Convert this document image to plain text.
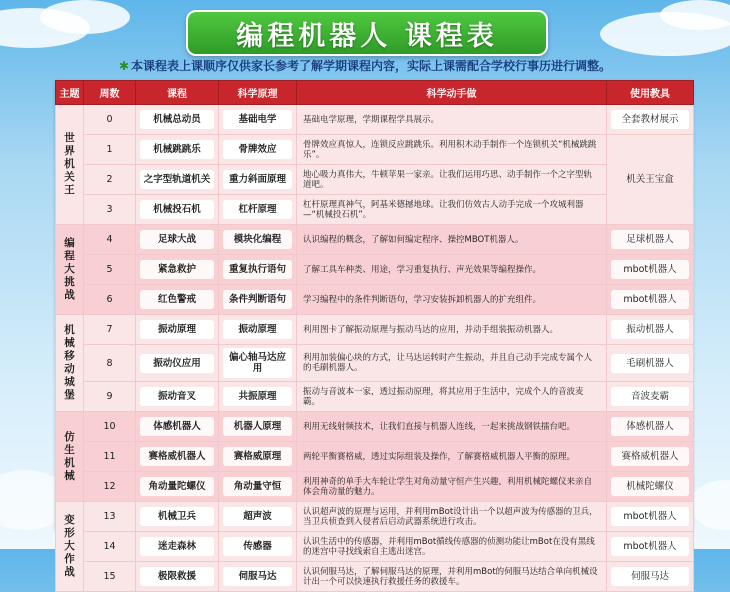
编程机器人 课程表
✱ 本课程表上课顺序仅供家长参考了解学期课程内容，实际上课需配合学校行事历进行调整。
主题	周数	课程	科学原理	科学动手做	使用教具
世界机关王	0	机械总动员	基础电学	基础电学原理，学期课程学具展示。	全套教材展示

	1	机械跳跳乐	骨牌效应	骨牌效应真惊人，连锁反应跳跳乐。利用积木动手制作一个连锁机关“机械跳跳乐”。	机关王宝盒
	2	之字型轨道机关	重力斜面原理	地心吸力真伟大，牛顿苹果一家亲。让我们运用巧思、动手制作一个之字型轨道吧。	
	3	机械投石机	杠杆原理	杠杆原理真神气，阿基米德撼地球。让我们仿效古人动手完成一个攻城利器—“机械投石机”。	
编程大挑战	4	足球大战	模块化编程	认识编程的概念，了解如何编定程序、操控MBOT机器人。	足球机器人

	5	紧急救护	重复执行语句	了解工具车种类、用途，学习重复执行、声光效果等编程操作。	mbot机器人

	6	红色警戒	条件判断语句	学习编程中的条件判断语句，学习安装拆卸机器人的扩充组件。	mbot机器人

机械移动城堡	7	振动原理	振动原理	利用图卡了解振动原理与振动马达的应用，并动手组装振动机器人。	振动机器人

	8	振动仪应用	偏心轴马达应用	利用加装偏心块的方式，让马达运转时产生振动，并且自己动手完成专属个人的毛刷机器人。	毛刷机器人

	9	振动音叉	共振原理	振动与音波本一家，透过振动原理，将其应用于生活中，完成个人的音波麦霸。	音波麦霸

仿生机械	10	体感机器人	机器人原理	利用无线射频技术，让我们直接与机器人连线，一起来挑战钢铁擂台吧。	体感机器人

	11	赛格威机器人	赛格威原理	两轮平衡赛格威，透过实际组装及操作，了解赛格威机器人平衡的原理。	赛格威机器人

	12	角动量陀螺仪	角动量守恒	利用神奇的单手大车轮让学生对角动量守恒产生兴趣，利用机械陀螺仪来亲自体会角动量的魅力。	机械陀螺仪

变形大作战	13	机械卫兵	超声波	认识超声波的原理与运用，并利用mBot设计出一个以超声波为传感器的卫兵，当卫兵侦查到入侵者后启动武器系统进行攻击。	mbot机器人

	14	迷走森林	传感器	认识生活中的传感器，并利用mBot循线传感器的侦测功能让mBot在没有黑线的迷宫中寻找线索自主逃出迷宫。	mbot机器人

	15	极限救援	伺服马达	认识伺服马达，了解伺服马达的原理，并利用mBot的伺服马达结合单向机械设计出一个可以快速执行救援任务的救援车。	伺服马达
